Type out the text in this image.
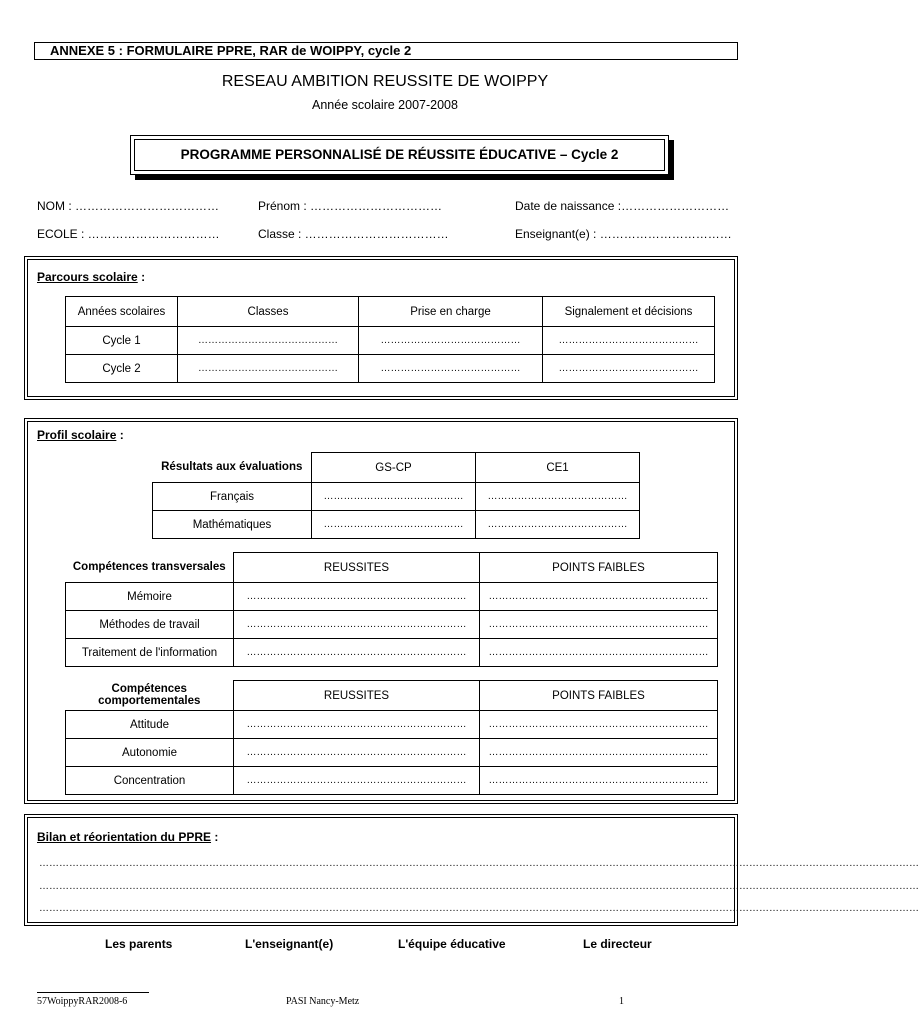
ANNEXE 5 : FORMULAIRE PPRE, RAR de WOIPPY, cycle 2
RESEAU AMBITION REUSSITE DE WOIPPY
Année scolaire 2007-2008
PROGRAMME PERSONNALISÉ DE RÉUSSITE ÉDUCATIVE – Cycle 2
NOM : ………………………………	Prénom : ……………………………	Date de naissance :………………………
ECOLE : ……………………………	Classe : ………………………………	Enseignant(e) : ……………………………
Parcours scolaire :
Années scolaires	Classes	Prise en charge	Signalement et décisions
Cycle 1	……………………………………	……………………………………	……………………………………
Cycle 2	……………………………………	……………………………………	……………………………………
Profil scolaire :
Résultats aux évaluations	GS-CP	CE1
Français	……………………………………	……………………………………
Mathématiques	……………………………………	……………………………………
Compétences transversales	REUSSITES	POINTS FAIBLES
Mémoire	…………………………………………………………	…………………………………………………………
Méthodes de travail	…………………………………………………………	…………………………………………………………
Traitement de l'information	…………………………………………………………	…………………………………………………………
Compétences comportementales	REUSSITES	POINTS FAIBLES
Attitude	…………………………………………………………	…………………………………………………………
Autonomie	…………………………………………………………	…………………………………………………………
Concentration	…………………………………………………………	…………………………………………………………
Bilan et réorientation du PPRE :
…………………………………………………………………………………………………………………………………………………………………………………………………………………………………………
…………………………………………………………………………………………………………………………………………………………………………………………………………………………………………
…………………………………………………………………………………………………………………………………………………………………………………………………………………………………………
Les parents	L'enseignant(e)	L'équipe éducative	Le directeur
57WoippyRAR2008-6	PASI Nancy-Metz	1
